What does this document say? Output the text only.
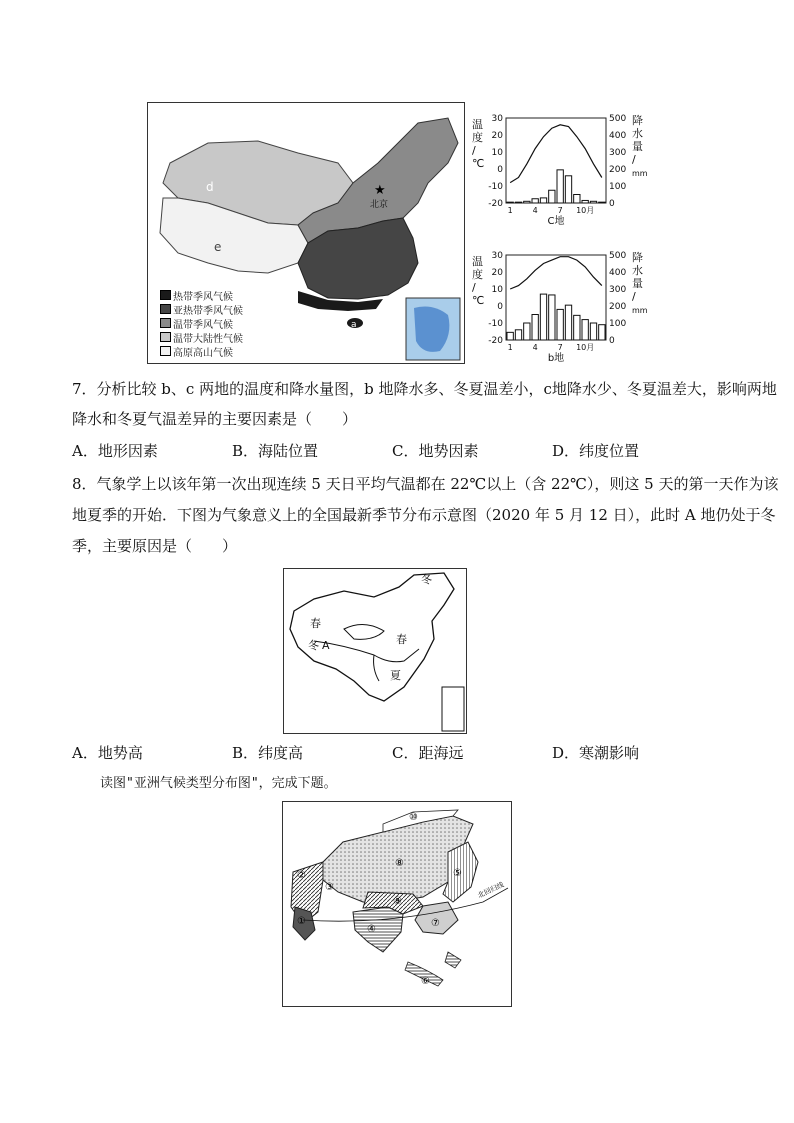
d
e
a
★
北京
热带季风气候
亚热带季风气候
温带季风气候
温带大陆性气候
高原高山气候
30
20
10
0
-10
-20
500
400
300
200
100
0
1 4 7 10月
C地
温
度
/
℃
降
水
量
/
mm
30
20
10
0
-10
-20
500
400
300
200
100
0
1 4 7 10月
b地
温
度
/
℃
降
水
量
/
mm
7．分析比较 b、c 两地的温度和降水量图，b 地降水多、冬夏温差小，c地降水少、冬夏温差大，影响两地
降水和冬夏气温差异的主要因素是（　　）
A．地形因素	B．海陆位置	C．地势因素	D．纬度位置
8．气象学上以该年第一次出现连续 5 天日平均气温都在 22℃以上（含 22℃），则这 5 天的第一天作为该
地夏季的开始．下图为气象意义上的全国最新季节分布示意图（2020 年 5 月 12 日），此时 A 地仍处于冬
季，主要原因是（　　）
春
冬 A	春
夏
冬
A．地势高	B．纬度高	C．距海远	D．寒潮影响
读图"亚洲气候类型分布图"，完成下题。
北回归线
①
②
③
④
⑤
⑥
⑦
⑧
⑨
⑩
